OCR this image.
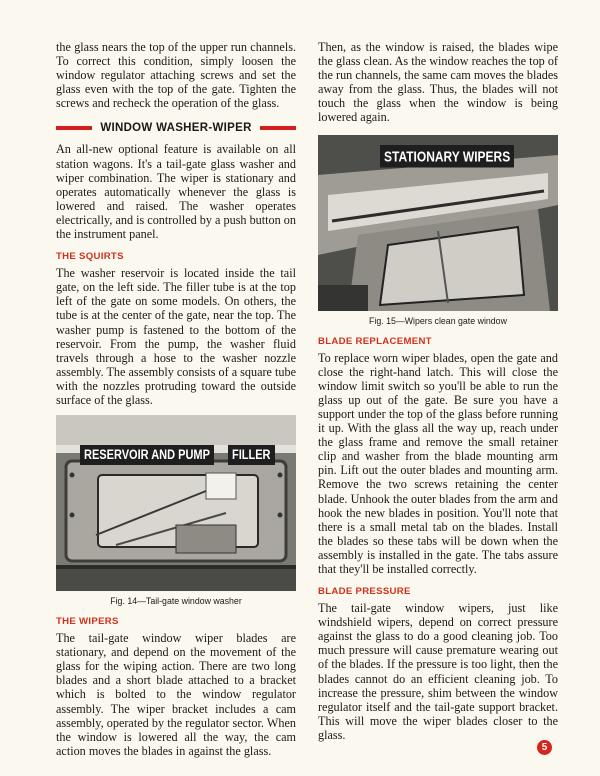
the glass nears the top of the upper run channels. To correct this condition, simply loosen the window regulator attaching screws and set the glass even with the top of the gate. Tighten the screws and recheck the operation of the glass.

WINDOW WASHER-WIPER

An all-new optional feature is available on all station wagons. It's a tail-gate glass washer and wiper combination. The wiper is stationary and operates automatically whenever the glass is lowered and raised. The washer operates electrically, and is controlled by a push button on the instrument panel.

THE SQUIRTS

The washer reservoir is located inside the tail gate, on the left side. The filler tube is at the top left of the gate on some models. On others, the tube is at the center of the gate, near the top. The washer pump is fastened to the bottom of the reservoir. From the pump, the washer fluid travels through a hose to the washer nozzle assembly. The assembly consists of a square tube with the nozzles protruding toward the outside surface of the glass.

RESERVOIR AND PUMP	FILLER
Fig. 14—Tail-gate window washer
THE WIPERS

The tail-gate window wiper blades are stationary, and depend on the movement of the glass for the wiping action. There are two long blades and a short blade attached to a bracket which is bolted to the window regulator assembly. The wiper bracket includes a cam assembly, operated by the regulator sector. When the window is lowered all the way, the cam action moves the blades in against the glass.

Then, as the window is raised, the blades wipe the glass clean. As the window reaches the top of the run channels, the same cam moves the blades away from the glass. Thus, the blades will not touch the glass when the window is being lowered again.

STATIONARY WIPERS
Fig. 15—Wipers clean gate window
BLADE REPLACEMENT

To replace worn wiper blades, open the gate and close the right-hand latch. This will close the window limit switch so you'll be able to run the glass up out of the gate. Be sure you have a support under the top of the glass before running it up. With the glass all the way up, reach under the glass frame and remove the small retainer clip and washer from the blade mounting arm pin. Lift out the outer blades and mounting arm. Remove the two screws retaining the center blade. Unhook the outer blades from the arm and hook the new blades in position. You'll note that there is a small metal tab on the blades. Install the blades so these tabs will be down when the assembly is installed in the gate. The tabs assure that they'll be installed correctly.

BLADE PRESSURE

The tail-gate window wipers, just like windshield wipers, depend on correct pressure against the glass to do a good cleaning job. Too much pressure will cause premature wearing out of the blades. If the pressure is too light, then the blades cannot do an efficient cleaning job. To increase the pressure, shim between the window regulator itself and the tail-gate support bracket. This will move the wiper blades closer to the glass.

5
